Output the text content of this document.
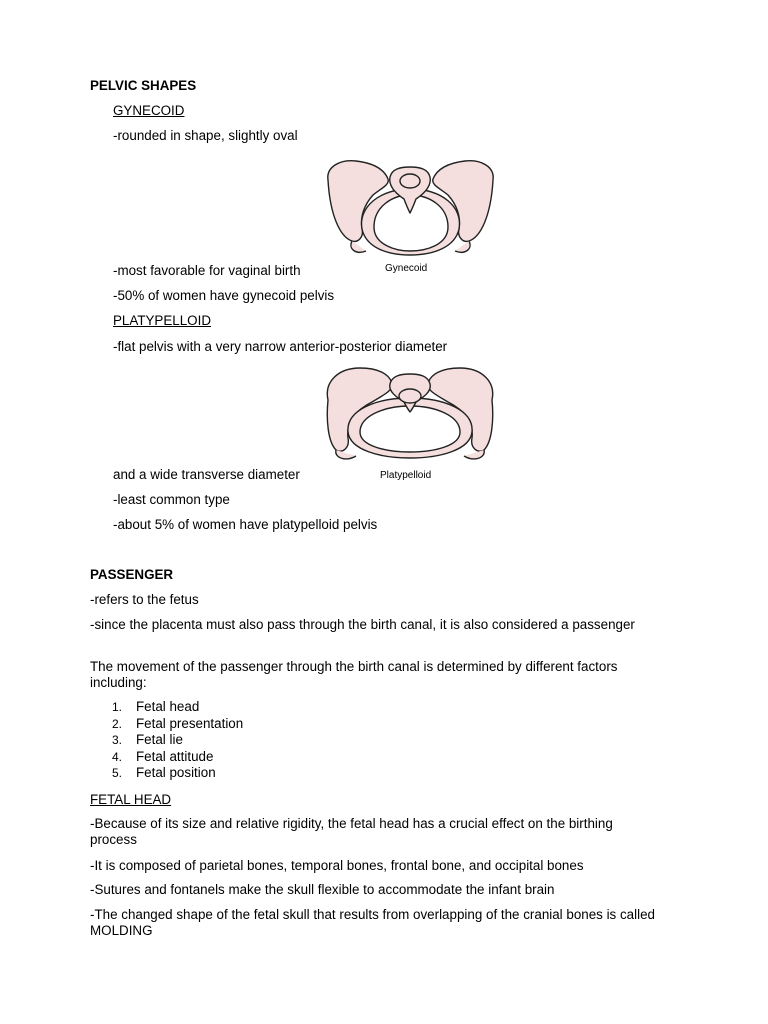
PELVIC SHAPES
GYNECOID
-rounded in shape, slightly oval
Gynecoid
-most favorable for vaginal birth
-50% of women have gynecoid pelvis
PLATYPELLOID
-flat pelvis with a very narrow anterior-posterior diameter
Platypelloid
and a wide transverse diameter
-least common type
-about 5% of women have platypelloid pelvis
PASSENGER
-refers to the fetus
-since the placenta must also pass through the birth canal, it is also considered a passenger
The movement of the passenger through the birth canal is determined by different factors including:
1.	Fetal head
2.	Fetal presentation
3.	Fetal lie
4.	Fetal attitude
5.	Fetal position
FETAL HEAD
-Because of its size and relative rigidity, the fetal head has a crucial effect on the birthing process
-It is composed of parietal bones, temporal bones, frontal bone, and occipital bones
-Sutures and fontanels make the skull flexible to accommodate the infant brain
-The changed shape of the fetal skull that results from overlapping of the cranial bones is called MOLDING
